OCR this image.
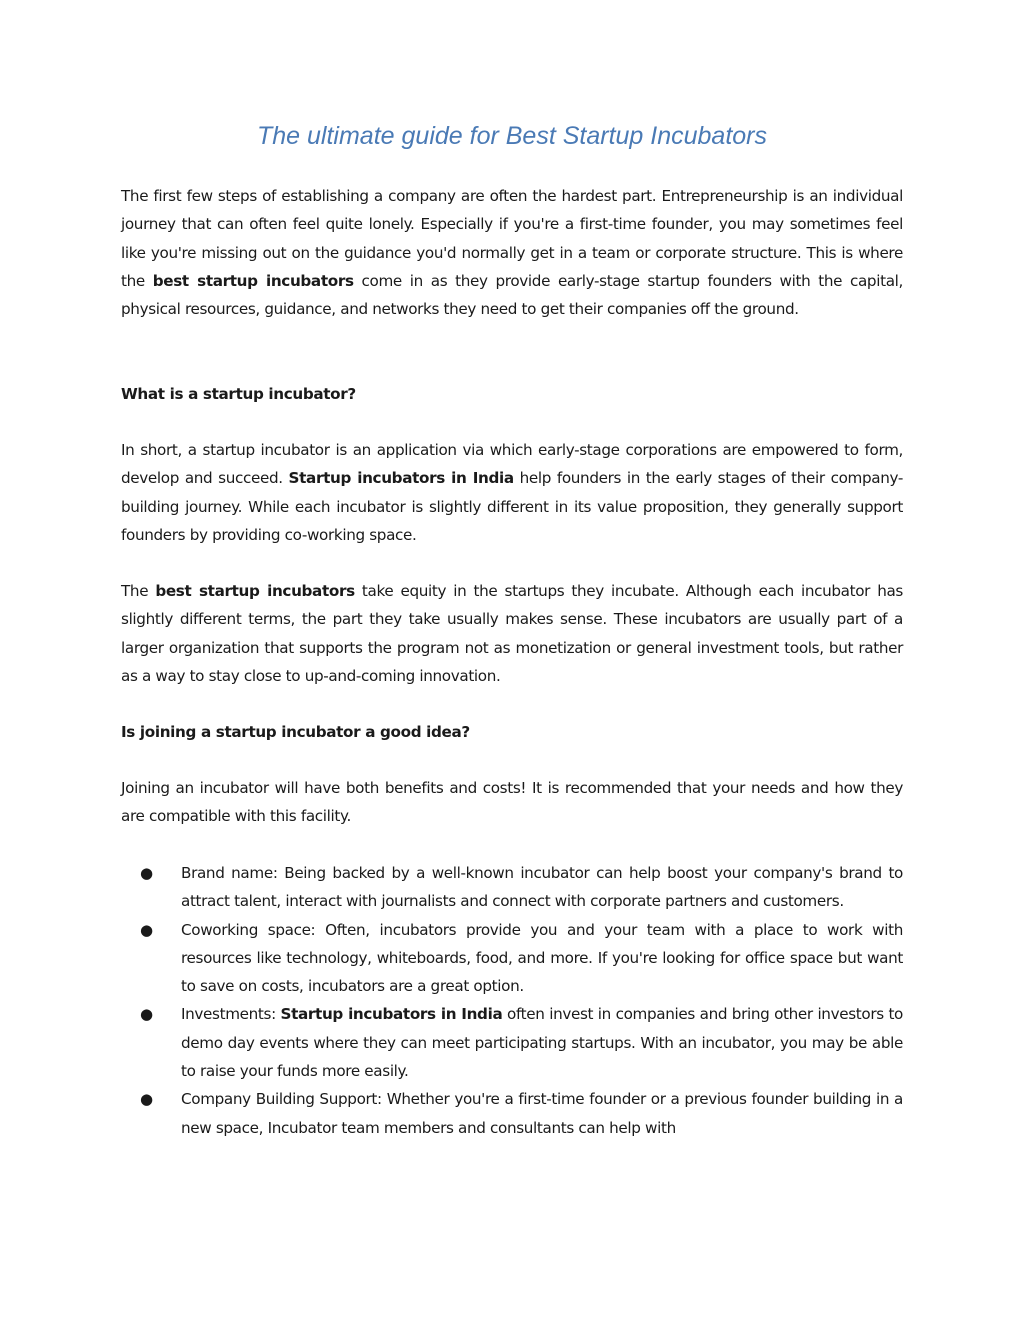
The ultimate guide for Best Startup Incubators

The first few steps of establishing a company are often the hardest part. Entrepreneurship is an individual journey that can often feel quite lonely. Especially if you're a first-time founder, you may sometimes feel like you're missing out on the guidance you'd normally get in a team or corporate structure. This is where the best startup incubators come in as they provide early-stage startup founders with the capital, physical resources, guidance, and networks they need to get their companies off the ground.

What is a startup incubator?

In short, a startup incubator is an application via which early-stage corporations are empowered to form, develop and succeed. Startup incubators in India help founders in the early stages of their company-building journey. While each incubator is slightly different in its value proposition, they generally support founders by providing co-working space.

The best startup incubators take equity in the startups they incubate. Although each incubator has slightly different terms, the part they take usually makes sense. These incubators are usually part of a larger organization that supports the program not as monetization or general investment tools, but rather as a way to stay close to up-and-coming innovation.

Is joining a startup incubator a good idea?

Joining an incubator will have both benefits and costs! It is recommended that your needs and how they are compatible with this facility.

● Brand name: Being backed by a well-known incubator can help boost your company's brand to attract talent, interact with journalists and connect with corporate partners and customers.
● Coworking space: Often, incubators provide you and your team with a place to work with resources like technology, whiteboards, food, and more. If you're looking for office space but want to save on costs, incubators are a great option.
● Investments: Startup incubators in India often invest in companies and bring other investors to demo day events where they can meet participating startups. With an incubator, you may be able to raise your funds more easily.
● Company Building Support: Whether you're a first-time founder or a previous founder building in a new space, Incubator team members and consultants can help with
